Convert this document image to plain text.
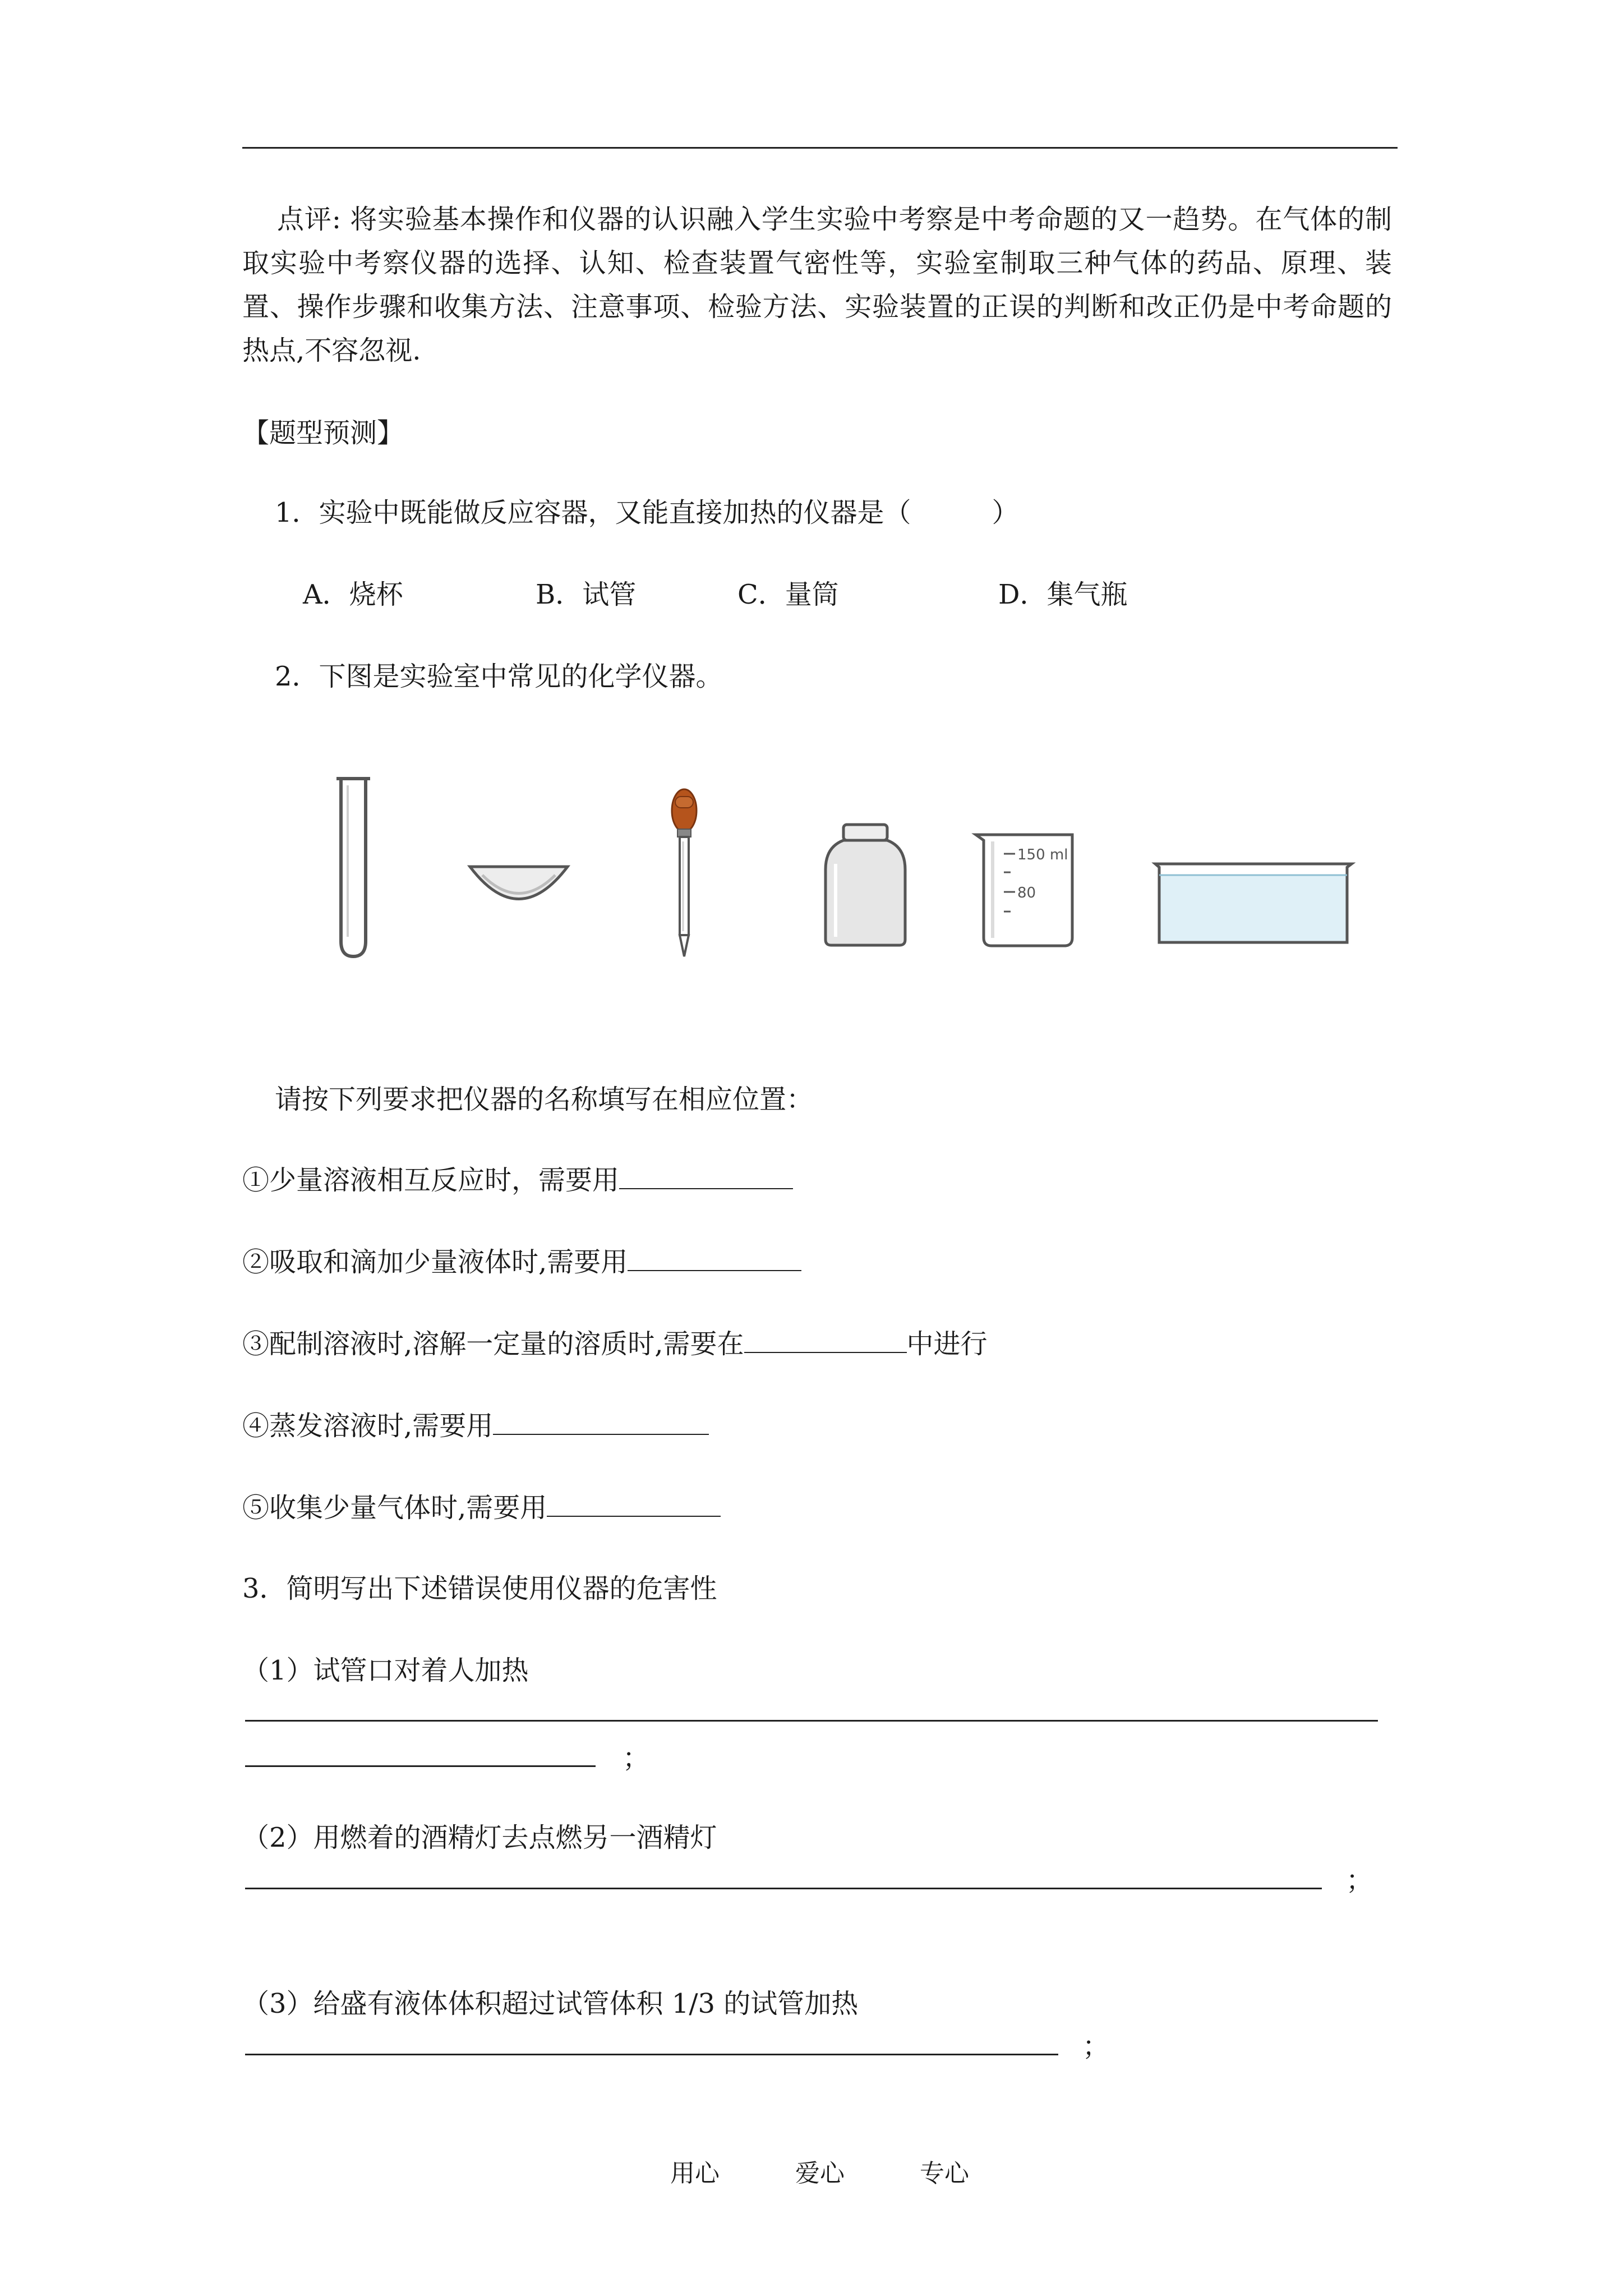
点评: 将实验基本操作和仪器的认识融入学生实验中考察是中考命题的又一趋势。在气体的制取实验中考察仪器的选择、认知、检查装置气密性等，实验室制取三种气体的药品、原理、装置、操作步骤和收集方法、注意事项、检验方法、实验装置的正误的判断和改正仍是中考命题的热点,不容忽视.
【题型预测】
1．实验中既能做反应容器，又能直接加热的仪器是（　　　）
A．烧杯	B．试管	C．量筒	D．集气瓶
2．下图是实验室中常见的化学仪器。
150 ml
80
请按下列要求把仪器的名称填写在相应位置：
①少量溶液相互反应时，需要用
②吸取和滴加少量液体时,需要用
③配制溶液时,溶解一定量的溶质时,需要在	中进行
④蒸发溶液时,需要用
⑤收集少量气体时,需要用
3．简明写出下述错误使用仪器的危害性
（1）试管口对着人加热
；
（2）用燃着的酒精灯去点燃另一酒精灯
；
（3）给盛有液体体积超过试管体积 1/3 的试管加热
；
用心	爱心	专心
